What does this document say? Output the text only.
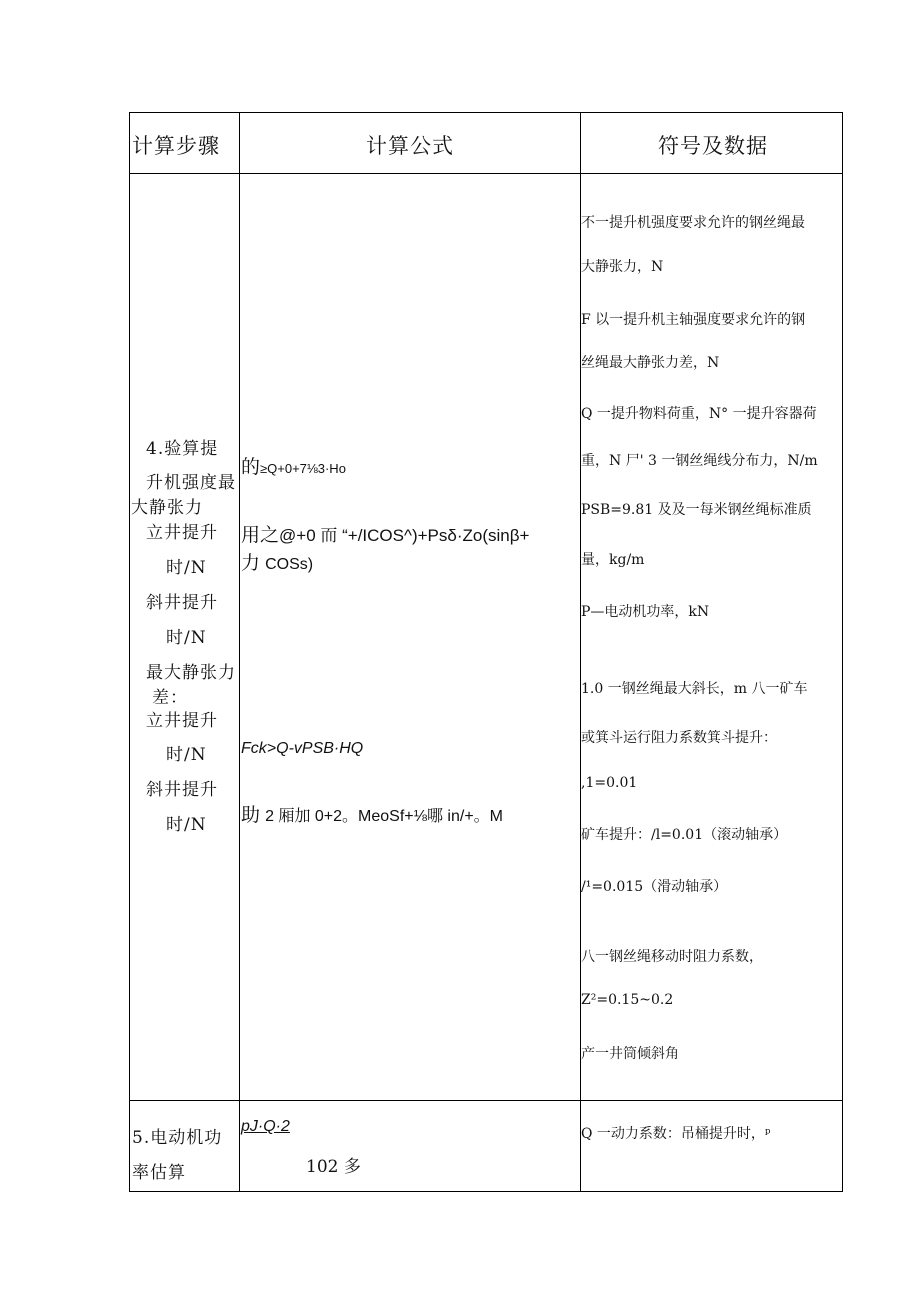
计算步骤	计算公式	符号及数据
4.验算提
升机强度最
大静张力
立井提升
时/N
斜井提升
时/N
最大静张力
差：
立井提升
时/N
斜井提升
时/N
的≥Q+0+7⅛3·Ho
用之@+0 而 “+/ICOS^)+Psδ·Zo(sinβ+
力 COSs)
Fck>Q-vPSB·HQ
助 2 厢加 0+2。MeoSf+⅛哪 in/+。M
不一提升机强度要求允许的钢丝绳最
大静张力，N
F 以一提升机主轴强度要求允许的钢
丝绳最大静张力差，N
Q 一提升物料荷重，N° 一提升容器荷
重，N 尸' 3 一钢丝绳线分布力，N/m
PSB=9.81 及及一每米钢丝绳标准质
量，kg/m
P—电动机功率，kN
1.0 一钢丝绳最大斜长，m 八一矿车
或箕斗运行阻力系数箕斗提升：
,1=0.01
矿车提升：∕l=0.01（滚动轴承）
/¹=0.015（滑动轴承）
八一钢丝绳移动时阻力系数，
Z²=0.15~0.2
产一井筒倾斜角
5.电动机功
率估算
pJ·Q·2
102 多
Q 一动力系数：吊桶提升时，ᵖ
